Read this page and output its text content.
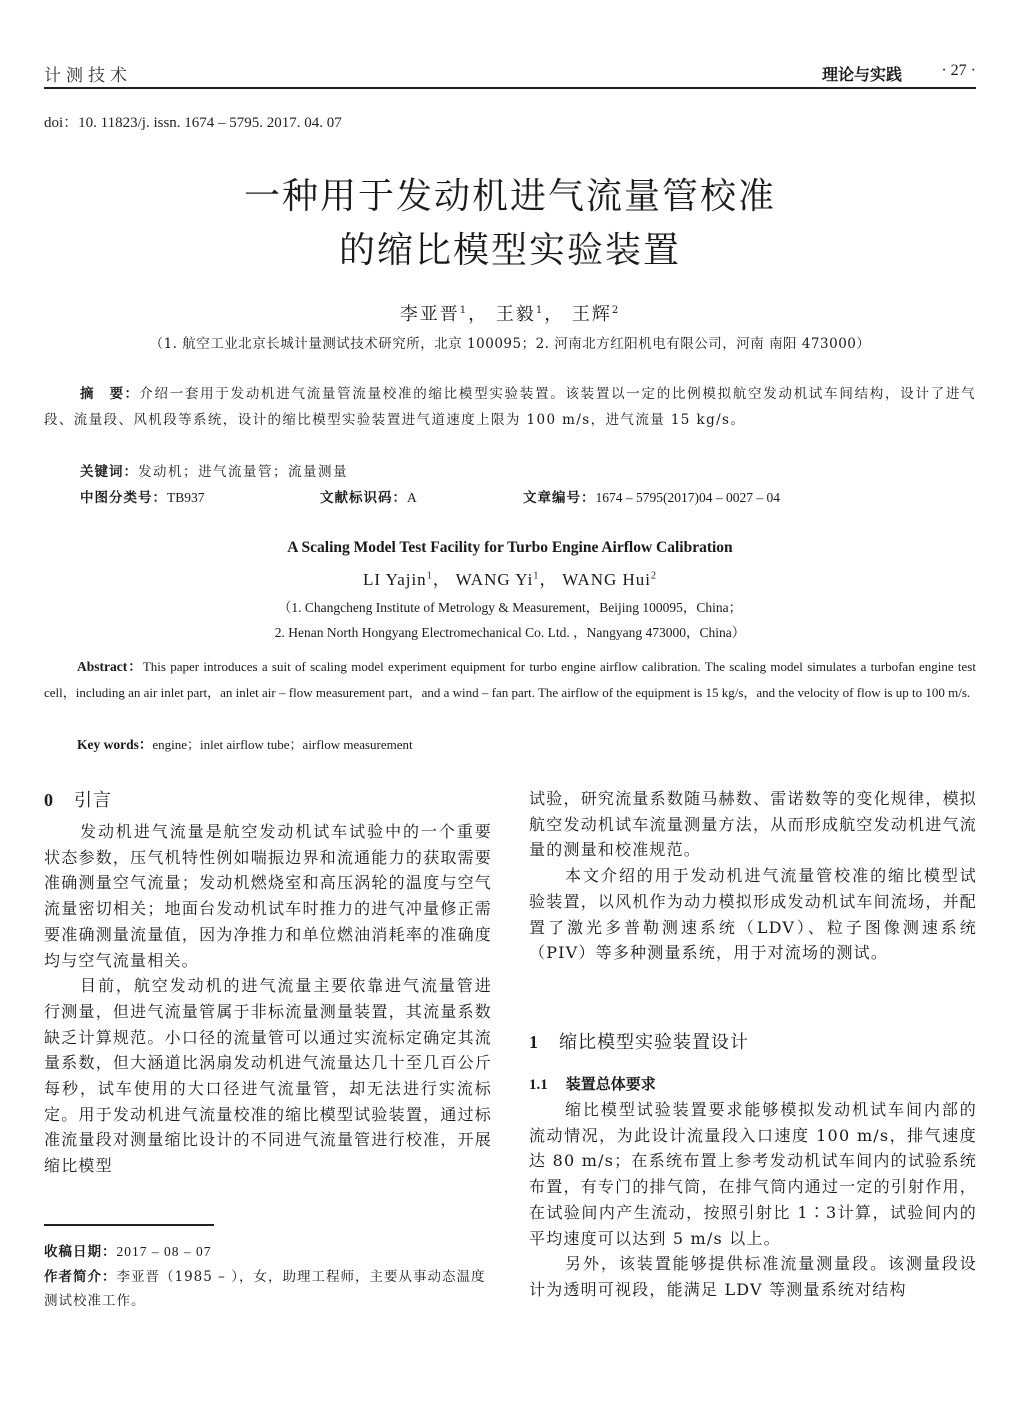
计测技术	理论与实践 · 27 ·
doi：10. 11823/j. issn. 1674 – 5795. 2017. 04. 07
一种用于发动机进气流量管校准
的缩比模型实验装置
李亚晋$^1$， 王毅$^1$， 王辉$^2$
（1. 航空工业北京长城计量测试技术研究所，北京 100095；2. 河南北方红阳机电有限公司，河南 南阳 473000）
摘　要：介绍一套用于发动机进气流量管流量校准的缩比模型实验装置。该装置以一定的比例模拟航空发动机试车间结构，设计了进气段、流量段、风机段等系统，设计的缩比模型实验装置进气道速度上限为 100 m/s，进气流量 15 kg/s。
关键词：发动机；进气流量管；流量测量
中图分类号：TB937	文献标识码：A	文章编号：1674 – 5795(2017)04 – 0027 – 04
A Scaling Model Test Facility for Turbo Engine Airflow Calibration
LI Yajin$^1$， WANG Yi$^1$， WANG Hui$^2$
（1. Changcheng Institute of Metrology & Measurement，Beijing 100095，China；
2. Henan North Hongyang Electromechanical Co. Ltd. ，Nangyang 473000，China）
Abstract：This paper introduces a suit of scaling model experiment equipment for turbo engine airflow calibration. The scaling model simulates a turbofan engine test cell，including an air inlet part，an inlet air – flow measurement part，and a wind – fan part. The airflow of the equipment is 15 kg/s，and the velocity of flow is up to 100 m/s.
Key words：engine；inlet airflow tube；airflow measurement
0 引言

发动机进气流量是航空发动机试车试验中的一个重要状态参数，压气机特性例如喘振边界和流通能力的获取需要准确测量空气流量；发动机燃烧室和高压涡轮的温度与空气流量密切相关；地面台发动机试车时推力的进气冲量修正需要准确测量流量值，因为净推力和单位燃油消耗率的准确度均与空气流量相关。

目前，航空发动机的进气流量主要依靠进气流量管进行测量，但进气流量管属于非标流量测量装置，其流量系数缺乏计算规范。小口径的流量管可以通过实流标定确定其流量系数，但大涵道比涡扇发动机进气流量达几十至几百公斤每秒，试车使用的大口径进气流量管，却无法进行实流标定。用于发动机进气流量校准的缩比模型试验装置，通过标准流量段对测量缩比设计的不同进气流量管进行校准，开展缩比模型

试验，研究流量系数随马赫数、雷诺数等的变化规律，模拟航空发动机试车流量测量方法，从而形成航空发动机进气流量的测量和校准规范。

本文介绍的用于发动机进气流量管校准的缩比模型试验装置，以风机作为动力模拟形成发动机试车间流场，并配置了激光多普勒测速系统（LDV）、粒子图像测速系统（PIV）等多种测量系统，用于对流场的测试。

1 缩比模型实验装置设计
1.1 装置总体要求

缩比模型试验装置要求能够模拟发动机试车间内部的流动情况，为此设计流量段入口速度 100 m/s，排气速度达 80 m/s；在系统布置上参考发动机试车间内的试验系统布置，有专门的排气筒，在排气筒内通过一定的引射作用，在试验间内产生流动，按照引射比 1∶3计算，试验间内的平均速度可以达到 5 m/s 以上。

另外，该装置能够提供标准流量测量段。该测量段设计为透明可视段，能满足 LDV 等测量系统对结构

收稿日期：2017 – 08 – 07
作者简介：李亚晋（1985 – ），女，助理工程师，主要从事动态温度测试校准工作。
